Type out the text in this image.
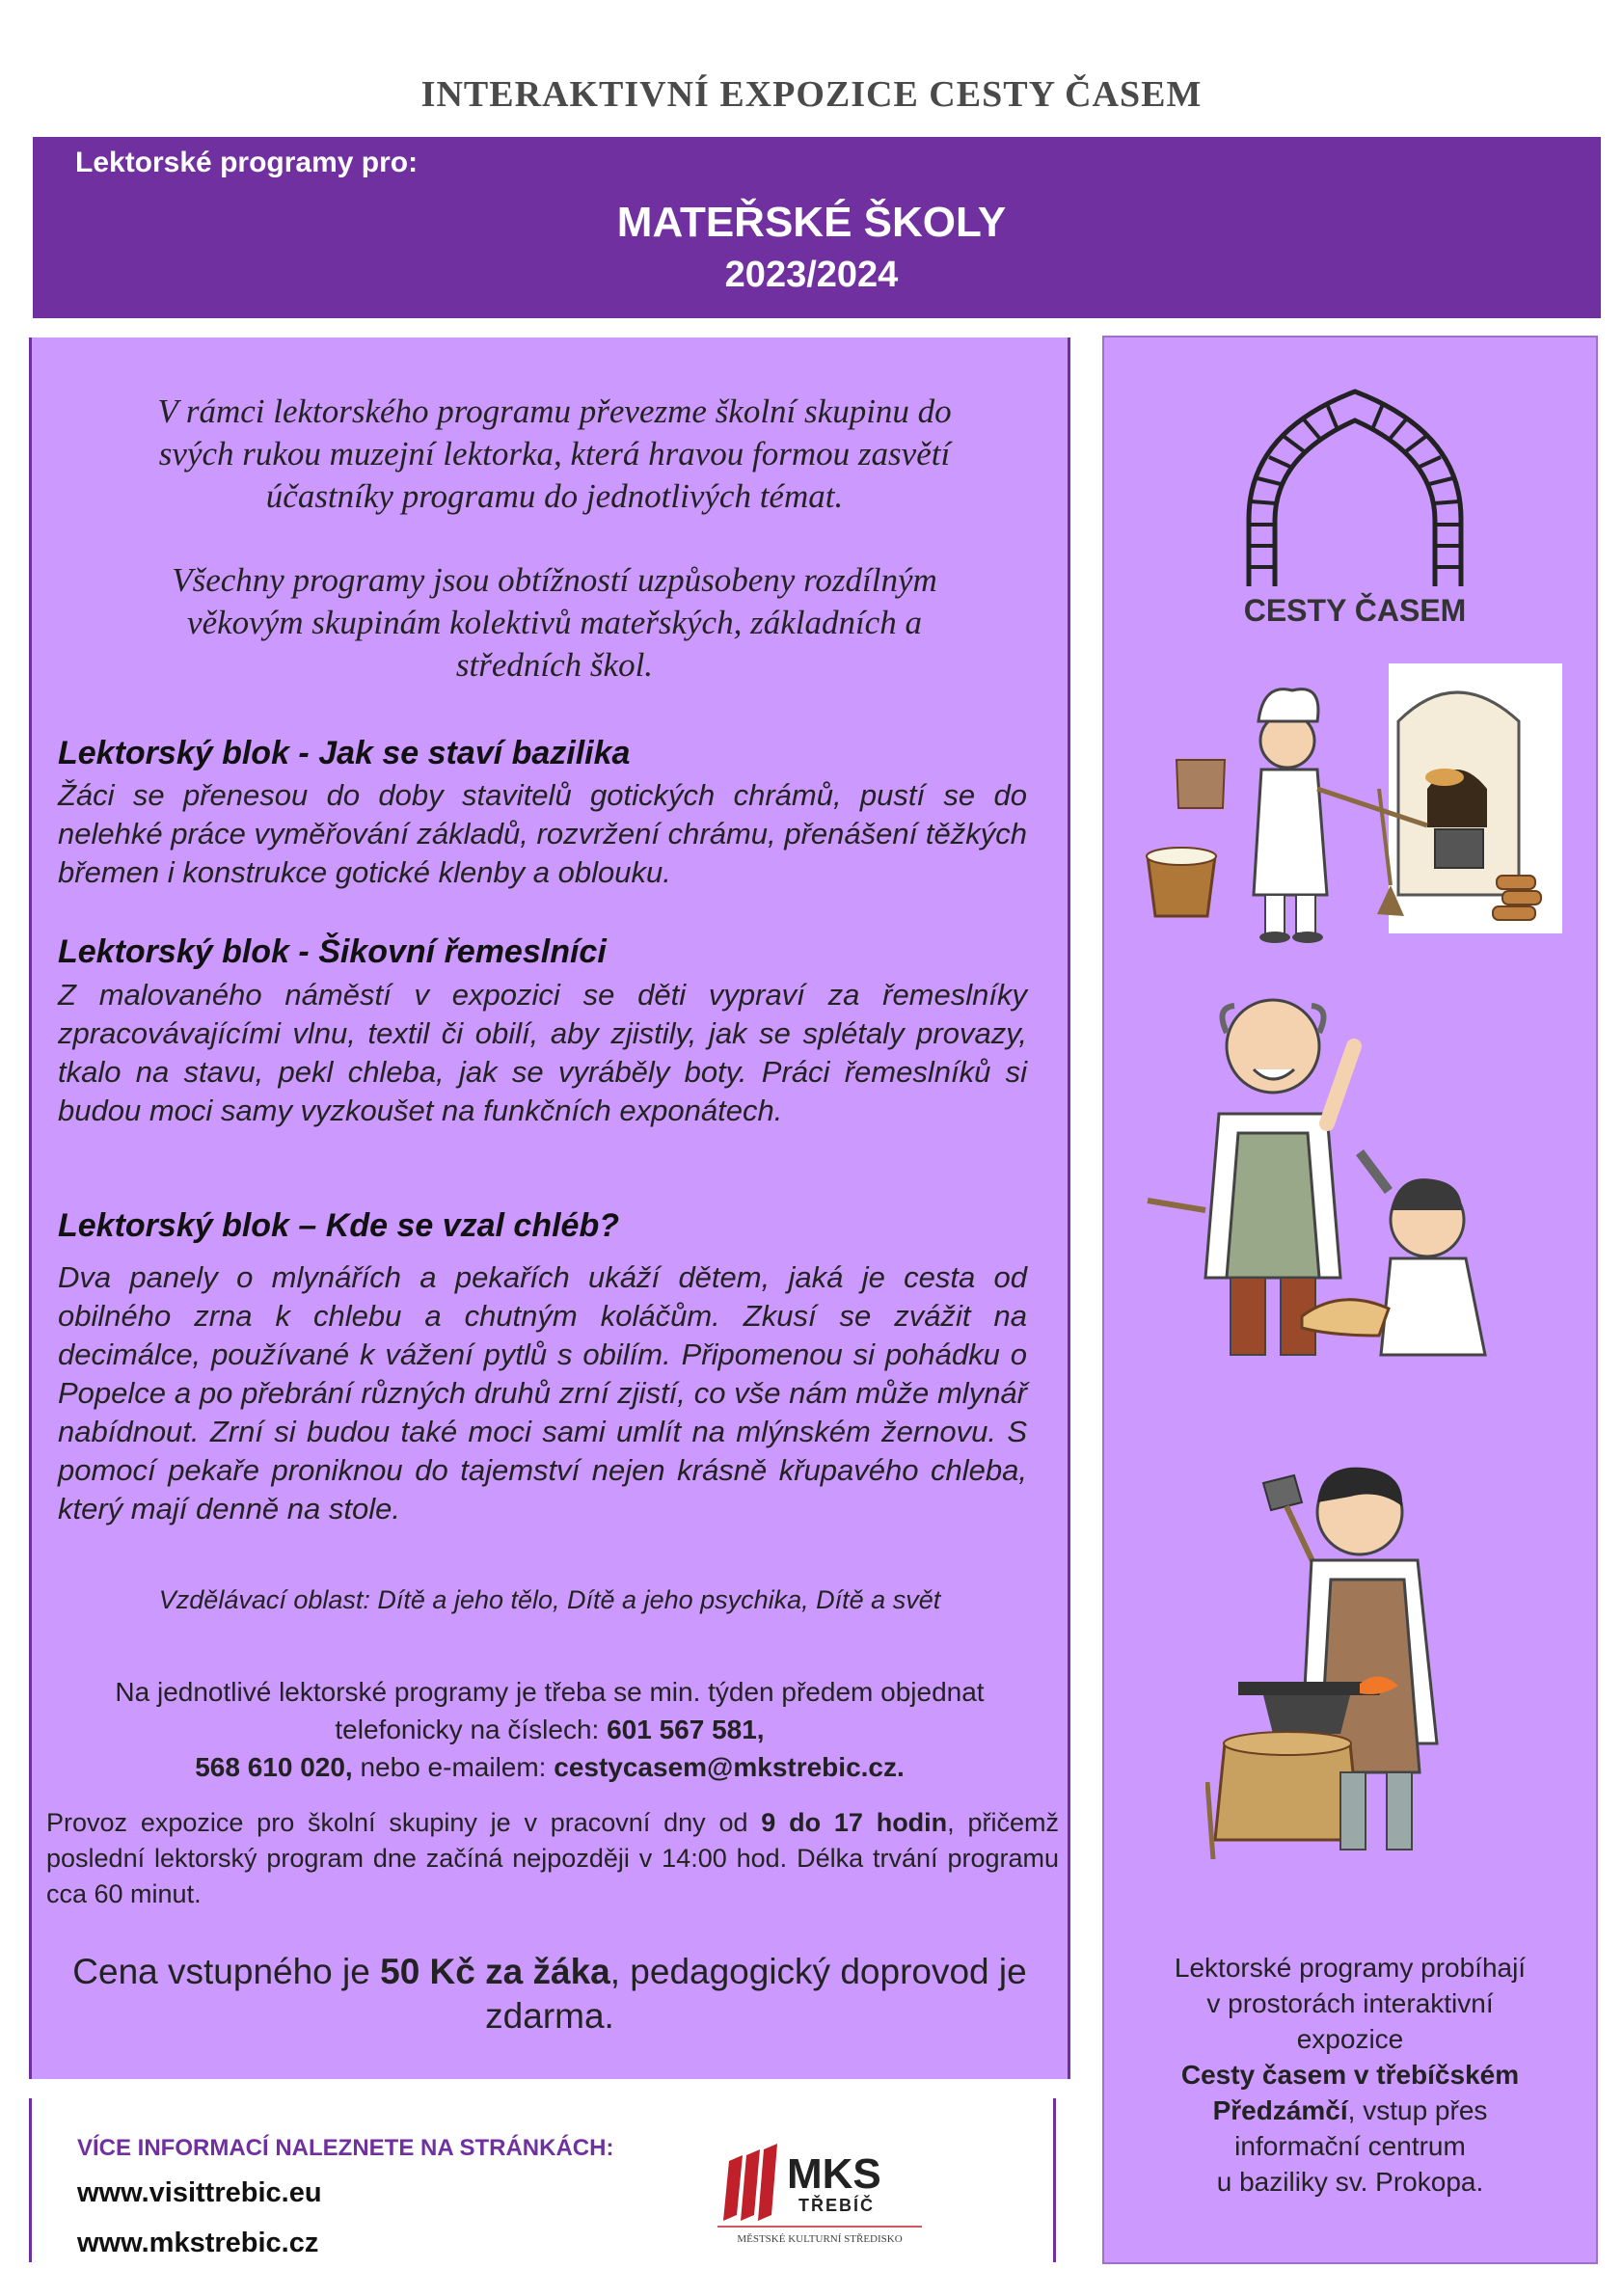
INTERAKTIVNÍ EXPOZICE CESTY ČASEM
Lektorské programy pro:
MATEŘSKÉ ŠKOLY
2023/2024
V rámci lektorského programu převezme školní skupinu do
svých rukou muzejní lektorka, která hravou formou zasvětí
účastníky programu do jednotlivých témat.
Všechny programy jsou obtížností uzpůsobeny rozdílným
věkovým skupinám kolektivů mateřských, základních a
středních škol.
Lektorský blok - Jak se staví bazilika
Žáci se přenesou do doby stavitelů gotických chrámů, pustí se do nelehké práce vyměřování základů, rozvržení chrámu, přenášení těžkých břemen i konstrukce gotické klenby a oblouku.
Lektorský blok - Šikovní řemeslníci
Z malovaného náměstí v expozici se děti vypraví za řemeslníky zpracovávajícími vlnu, textil či obilí, aby zjistily, jak se splétaly provazy, tkalo na stavu, pekl chleba, jak se vyráběly boty. Práci řemeslníků si budou moci samy vyzkoušet na funkčních exponátech.
Lektorský blok – Kde se vzal chléb?
Dva panely o mlynářích a pekařích ukáží dětem, jaká je cesta od obilného zrna k chlebu a chutným koláčům. Zkusí se zvážit na decimálce, používané k vážení pytlů s obilím. Připomenou si pohádku o Popelce a po přebrání různých druhů zrní zjistí, co vše nám může mlynář nabídnout. Zrní si budou také moci sami umlít na mlýnském žernovu. S pomocí pekaře proniknou do tajemství nejen krásně křupavého chleba, který mají denně na stole.
Vzdělávací oblast: Dítě a jeho tělo, Dítě a jeho psychika, Dítě a svět
Na jednotlivé lektorské programy je třeba se min. týden předem objednat
telefonicky na číslech: 601 567 581,
568 610 020, nebo e-mailem: cestycasem@mkstrebic.cz.
Provoz expozice pro školní skupiny je v pracovní dny od 9 do 17 hodin, přičemž poslední lektorský program dne začíná nejpozději v 14:00 hod. Délka trvání programu cca 60 minut.
Cena vstupného je 50 Kč za žáka, pedagogický doprovod je zdarma.
VÍCE INFORMACÍ NALEZNETE NA STRÁNKÁCH:
www.visittrebic.eu
www.mkstrebic.cz
MKS
TŘEBÍČ
MĚSTSKÉ KULTURNÍ STŘEDISKO
CESTY ČASEM
Lektorské programy probíhají
v prostorách interaktivní
expozice
Cesty časem v třebíčském
Předzámčí, vstup přes
informační centrum
u baziliky sv. Prokopa.
